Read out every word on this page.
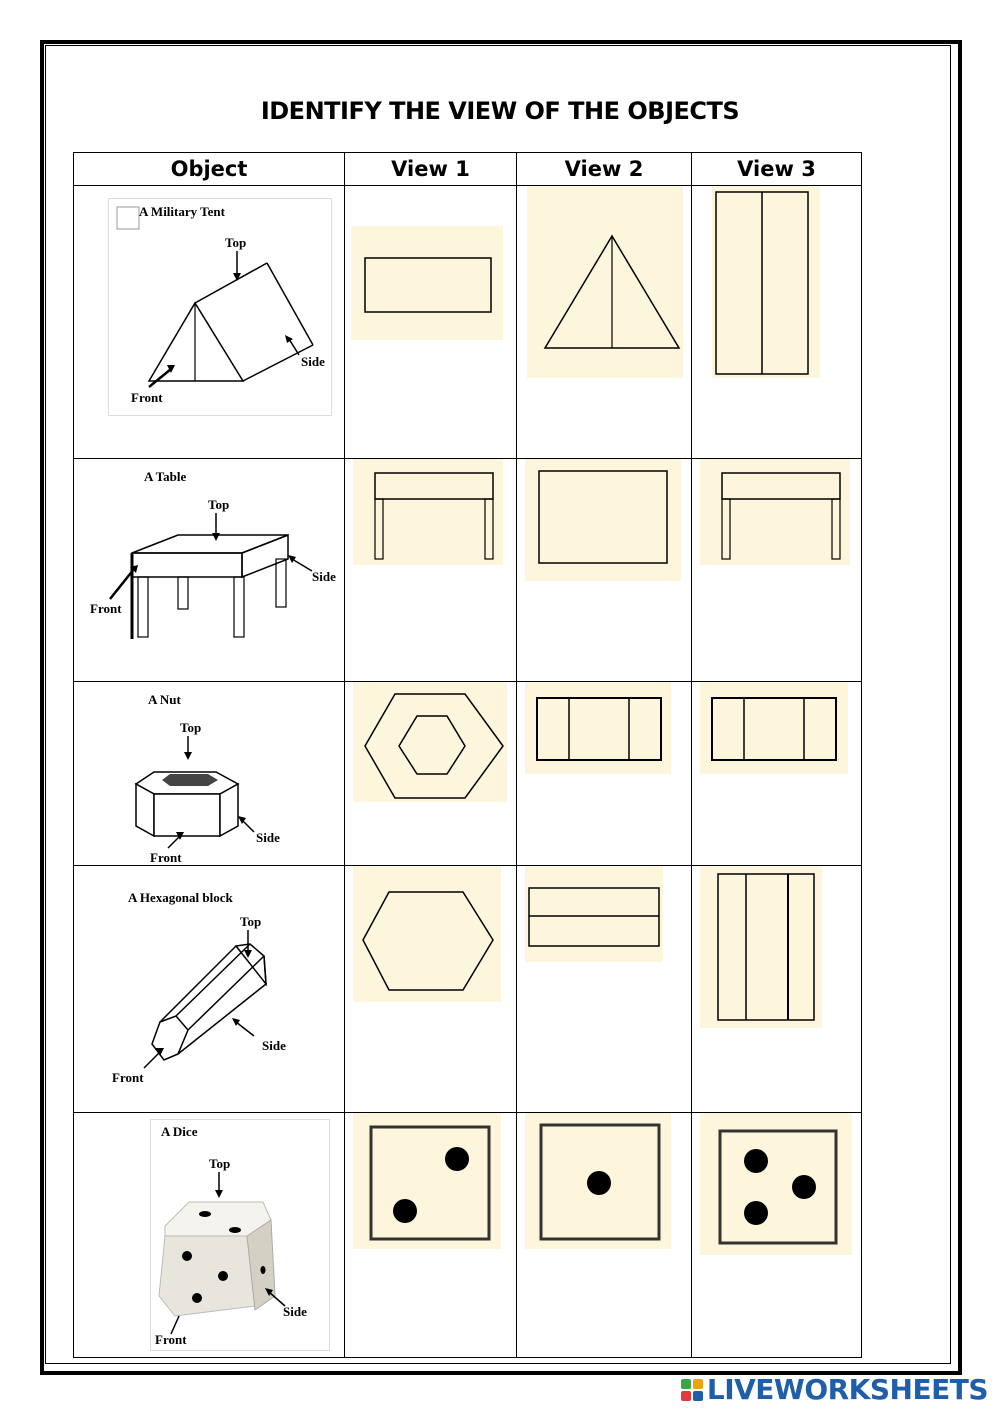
IDENTIFY THE VIEW OF THE OBJECTS
Object	View 1	View 2	View 3

A Military Tent
Top
Side
Front

A Table
Top
Side
Front

A Nut
Top
Front
Side

A Hexagonal block
Top
Side
Front

A Dice
Top
Side
Front

LIVEWORKSHEETS
